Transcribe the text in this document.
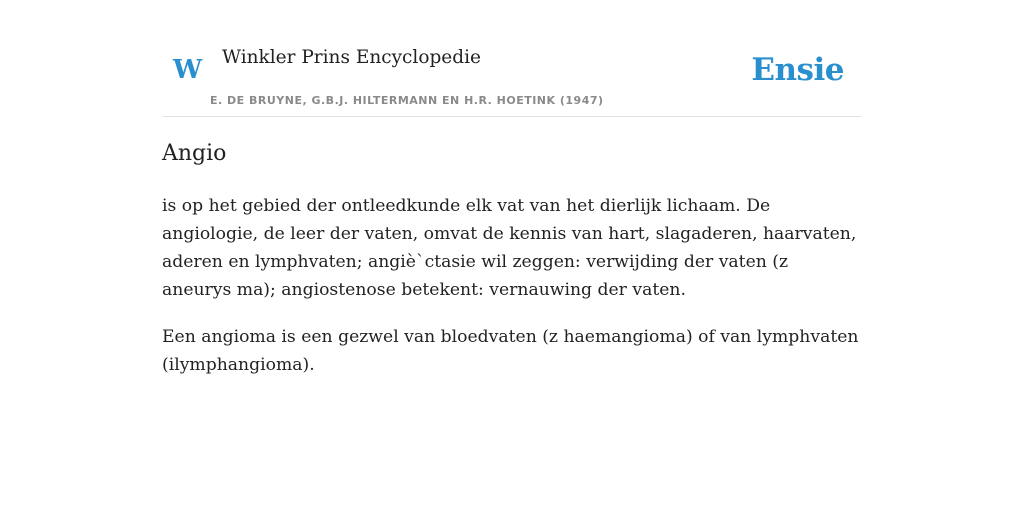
W Winkler Prins Encyclopedie
E. DE BRUYNE, G.B.J. HILTERMANN EN H.R. HOETINK (1947)
Ensie
Angio

is op het gebied der ontleedkunde elk vat van het dierlijk lichaam. De angiologie, de leer der vaten, omvat de kennis van hart, slagaderen, haarvaten, aderen en lymphvaten; angiè`ctasie wil zeggen: verwijding der vaten (z aneurys ma); angiostenose betekent: vernauwing der vaten.

Een angioma is een gezwel van bloedvaten (z haemangioma) of van lymphvaten (ilymphangioma).
